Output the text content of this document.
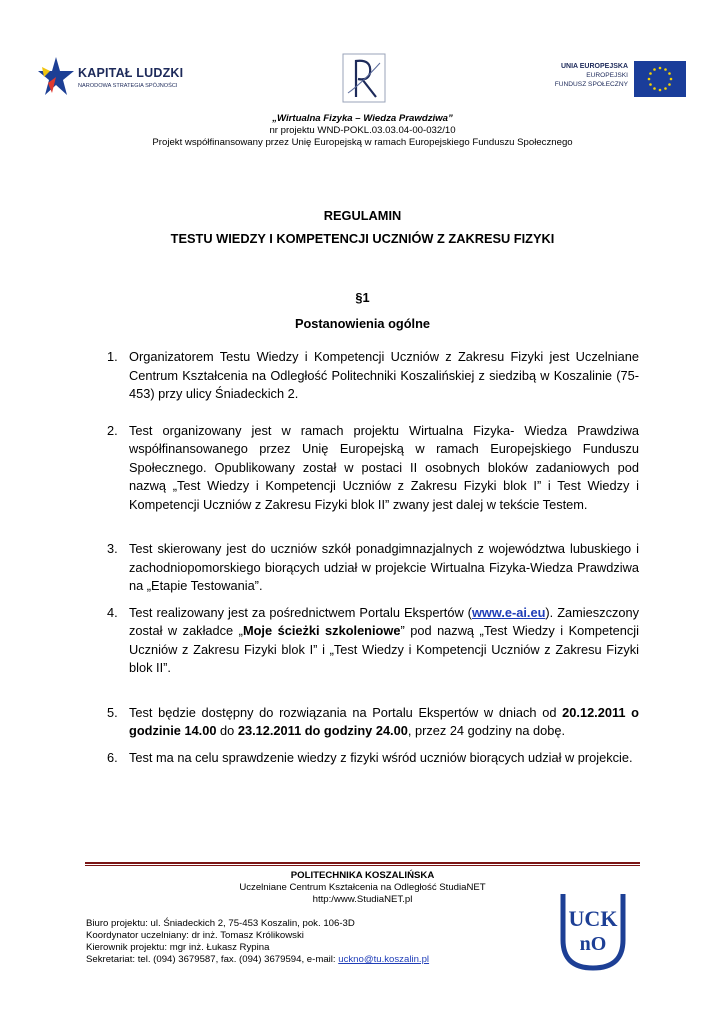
KAPITAŁ LUDZKI
NARODOWA STRATEGIA SPÓJNOŚCI
UNIA EUROPEJSKA
EUROPEJSKI
FUNDUSZ SPOŁECZNY
„Wirtualna Fizyka – Wiedza Prawdziwa”
nr projektu WND-POKL.03.03.04-00-032/10
Projekt współfinansowany przez Unię Europejską w ramach Europejskiego Funduszu Społecznego
REGULAMIN
TESTU WIEDZY I KOMPETENCJI UCZNIÓW Z ZAKRESU FIZYKI
§1
Postanowienia ogólne
1. Organizatorem Testu Wiedzy i Kompetencji Uczniów z Zakresu Fizyki jest Uczelniane Centrum Kształcenia na Odległość Politechniki Koszalińskiej z siedzibą w Koszalinie (75-453) przy ulicy Śniadeckich 2.
2. Test organizowany jest w ramach projektu Wirtualna Fizyka- Wiedza Prawdziwa współfinansowanego przez Unię Europejską w ramach Europejskiego Funduszu Społecznego. Opublikowany został w postaci II osobnych bloków zadaniowych pod nazwą „Test Wiedzy i Kompetencji Uczniów z Zakresu Fizyki blok I” i Test Wiedzy i Kompetencji Uczniów z Zakresu Fizyki blok II” zwany jest dalej w tekście Testem.
3. Test skierowany jest do uczniów szkół ponadgimnazjalnych z województwa lubuskiego i zachodniopomorskiego biorących udział w projekcie Wirtualna Fizyka-Wiedza Prawdziwa na „Etapie Testowania”.
4. Test realizowany jest za pośrednictwem Portalu Ekspertów (www.e-ai.eu). Zamieszczony został w zakładce „Moje ścieżki szkoleniowe” pod nazwą „Test Wiedzy i Kompetencji Uczniów z Zakresu Fizyki blok I” i „Test Wiedzy i Kompetencji Uczniów z Zakresu Fizyki blok II”.
5. Test będzie dostępny do rozwiązania na Portalu Ekspertów w dniach od 20.12.2011 o godzinie 14.00 do 23.12.2011 do godziny 24.00, przez 24 godziny na dobę.
6. Test ma na celu sprawdzenie wiedzy z fizyki wśród uczniów biorących udział w projekcie.
POLITECHNIKA KOSZALIŃSKA
Uczelniane Centrum Kształcenia na Odległość StudiaNET
http:/www.StudiaNET.pl
Biuro projektu: ul. Śniadeckich 2, 75-453 Koszalin, pok. 106-3D
Koordynator uczelniany: dr inż. Tomasz Królikowski
Kierownik projektu: mgr inż. Łukasz Rypina
Sekretariat: tel. (094) 3679587, fax. (094) 3679594, e-mail: uckno@tu.koszalin.pl
UCK
nO
